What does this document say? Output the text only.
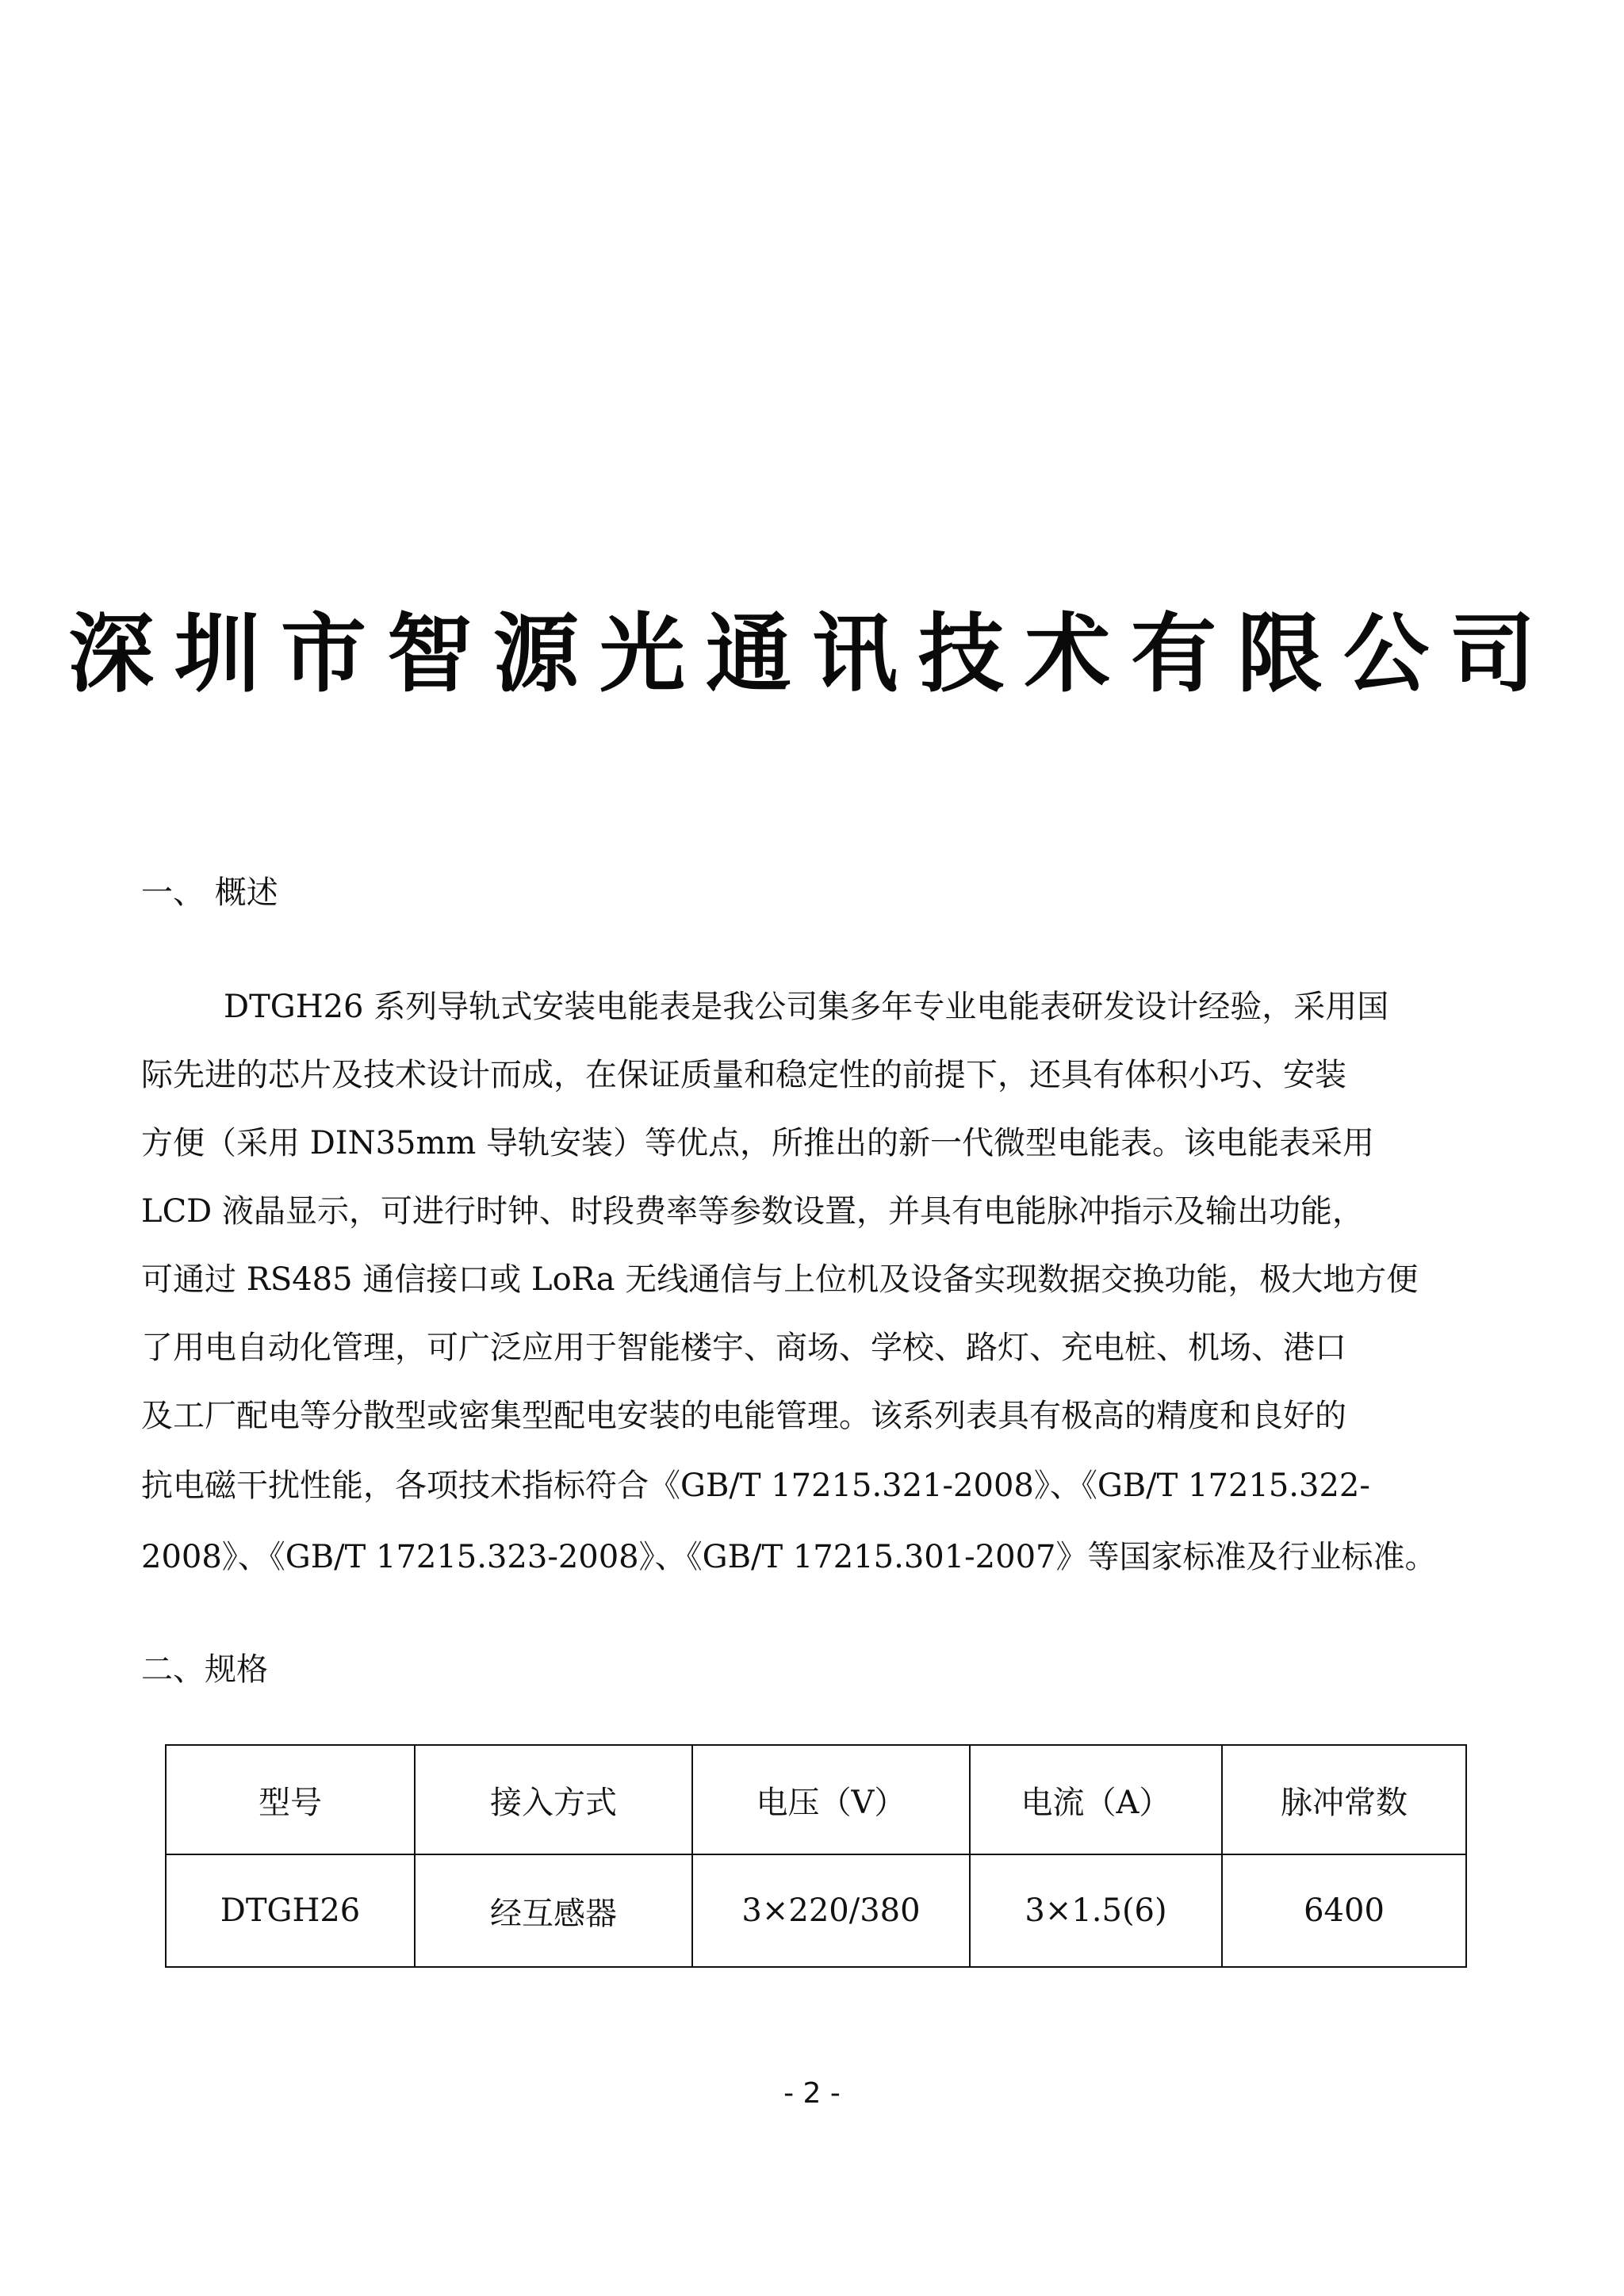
深圳市智源光通讯技术有限公司
一、 概述
DTGH26 系列导轨式安装电能表是我公司集多年专业电能表研发设计经验，采用国
际先进的芯片及技术设计而成，在保证质量和稳定性的前提下，还具有体积小巧、安装
方便（采用 DIN35mm 导轨安装）等优点，所推出的新一代微型电能表。该电能表采用
LCD 液晶显示，可进行时钟、时段费率等参数设置，并具有电能脉冲指示及输出功能，
可通过 RS485 通信接口或 LoRa 无线通信与上位机及设备实现数据交换功能，极大地方便
了用电自动化管理，可广泛应用于智能楼宇、商场、学校、路灯、充电桩、机场、港口
及工厂配电等分散型或密集型配电安装的电能管理。该系列表具有极高的精度和良好的
抗电磁干扰性能，各项技术指标符合《GB/T 17215.321-2008》、《GB/T 17215.322-
2008》、《GB/T 17215.323-2008》、《GB/T 17215.301-2007》等国家标准及行业标准。
二、规格
型号	接入方式	电压（V）	电流（A）	脉冲常数
DTGH26	经互感器	3×220/380	3×1.5(6)	6400
- 2 -
